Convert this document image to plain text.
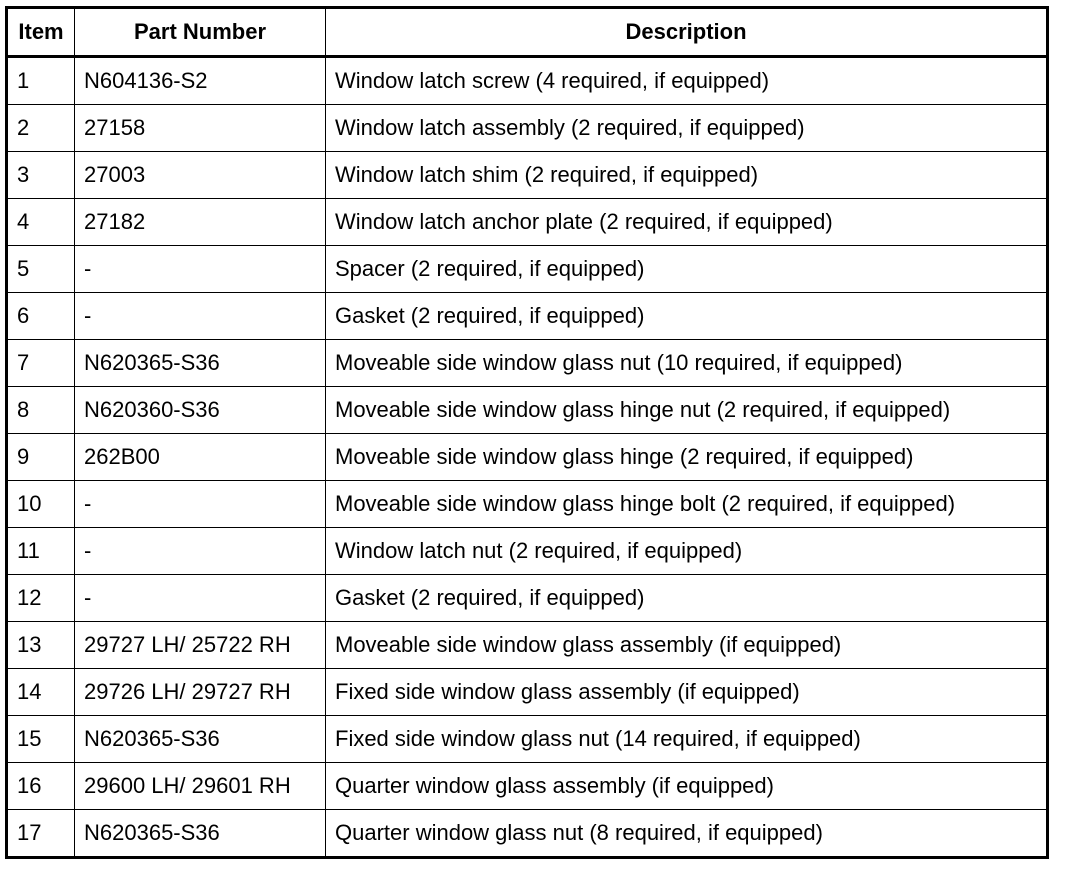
Item	Part Number	Description
1	N604136-S2	Window latch screw (4 required, if equipped)
2	27158	Window latch assembly (2 required, if equipped)
3	27003	Window latch shim (2 required, if equipped)
4	27182	Window latch anchor plate (2 required, if equipped)
5	-	Spacer (2 required, if equipped)
6	-	Gasket (2 required, if equipped)
7	N620365-S36	Moveable side window glass nut (10 required, if equipped)
8	N620360-S36	Moveable side window glass hinge nut (2 required, if equipped)
9	262B00	Moveable side window glass hinge (2 required, if equipped)
10	-	Moveable side window glass hinge bolt (2 required, if equipped)
11	-	Window latch nut (2 required, if equipped)
12	-	Gasket (2 required, if equipped)
13	29727 LH/ 25722 RH	Moveable side window glass assembly (if equipped)
14	29726 LH/ 29727 RH	Fixed side window glass assembly (if equipped)
15	N620365-S36	Fixed side window glass nut (14 required, if equipped)
16	29600 LH/ 29601 RH	Quarter window glass assembly (if equipped)
17	N620365-S36	Quarter window glass nut (8 required, if equipped)
